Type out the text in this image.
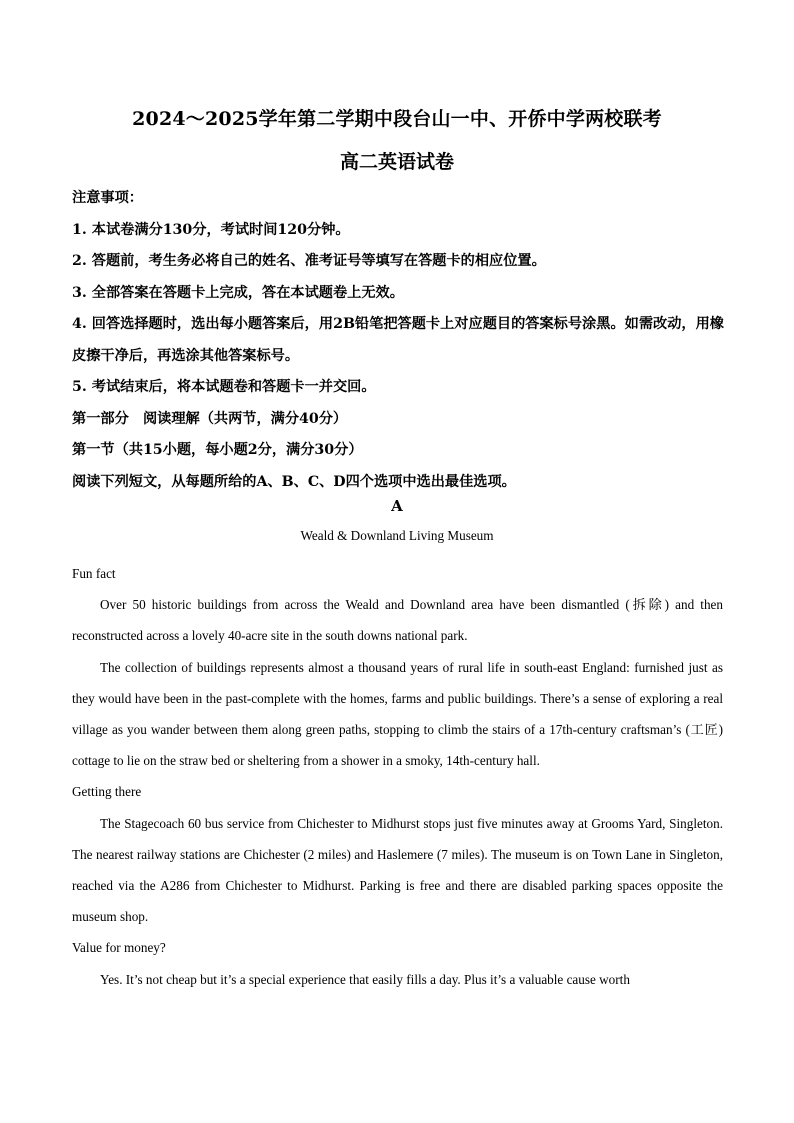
2024～2025学年第二学期中段台山一中、开侨中学两校联考
高二英语试卷
注意事项：
1. 本试卷满分130分，考试时间120分钟。
2. 答题前，考生务必将自己的姓名、准考证号等填写在答题卡的相应位置。
3. 全部答案在答题卡上完成，答在本试题卷上无效。
4. 回答选择题时，选出每小题答案后，用2B铅笔把答题卡上对应题目的答案标号涂黑。如需改动，用橡皮擦干净后，再选涂其他答案标号。
5. 考试结束后，将本试题卷和答题卡一并交回。
第一部分　阅读理解（共两节，满分40分）
第一节（共15小题，每小题2分，满分30分）
阅读下列短文，从每题所给的A、B、C、D四个选项中选出最佳选项。
A
Weald & Downland Living Museum
Fun fact
Over 50 historic buildings from across the Weald and Downland area have been dismantled (拆除) and then reconstructed across a lovely 40-acre site in the south downs national park.
The collection of buildings represents almost a thousand years of rural life in south-east England: furnished just as they would have been in the past-complete with the homes, farms and public buildings. There’s a sense of exploring a real village as you wander between them along green paths, stopping to climb the stairs of a 17th-century craftsman’s (工匠) cottage to lie on the straw bed or sheltering from a shower in a smoky, 14th-century hall.
Getting there
The Stagecoach 60 bus service from Chichester to Midhurst stops just five minutes away at Grooms Yard, Singleton. The nearest railway stations are Chichester (2 miles) and Haslemere (7 miles). The museum is on Town Lane in Singleton, reached via the A286 from Chichester to Midhurst. Parking is free and there are disabled parking spaces opposite the museum shop.
Value for money?
Yes. It’s not cheap but it’s a special experience that easily fills a day. Plus it’s a valuable cause worth
